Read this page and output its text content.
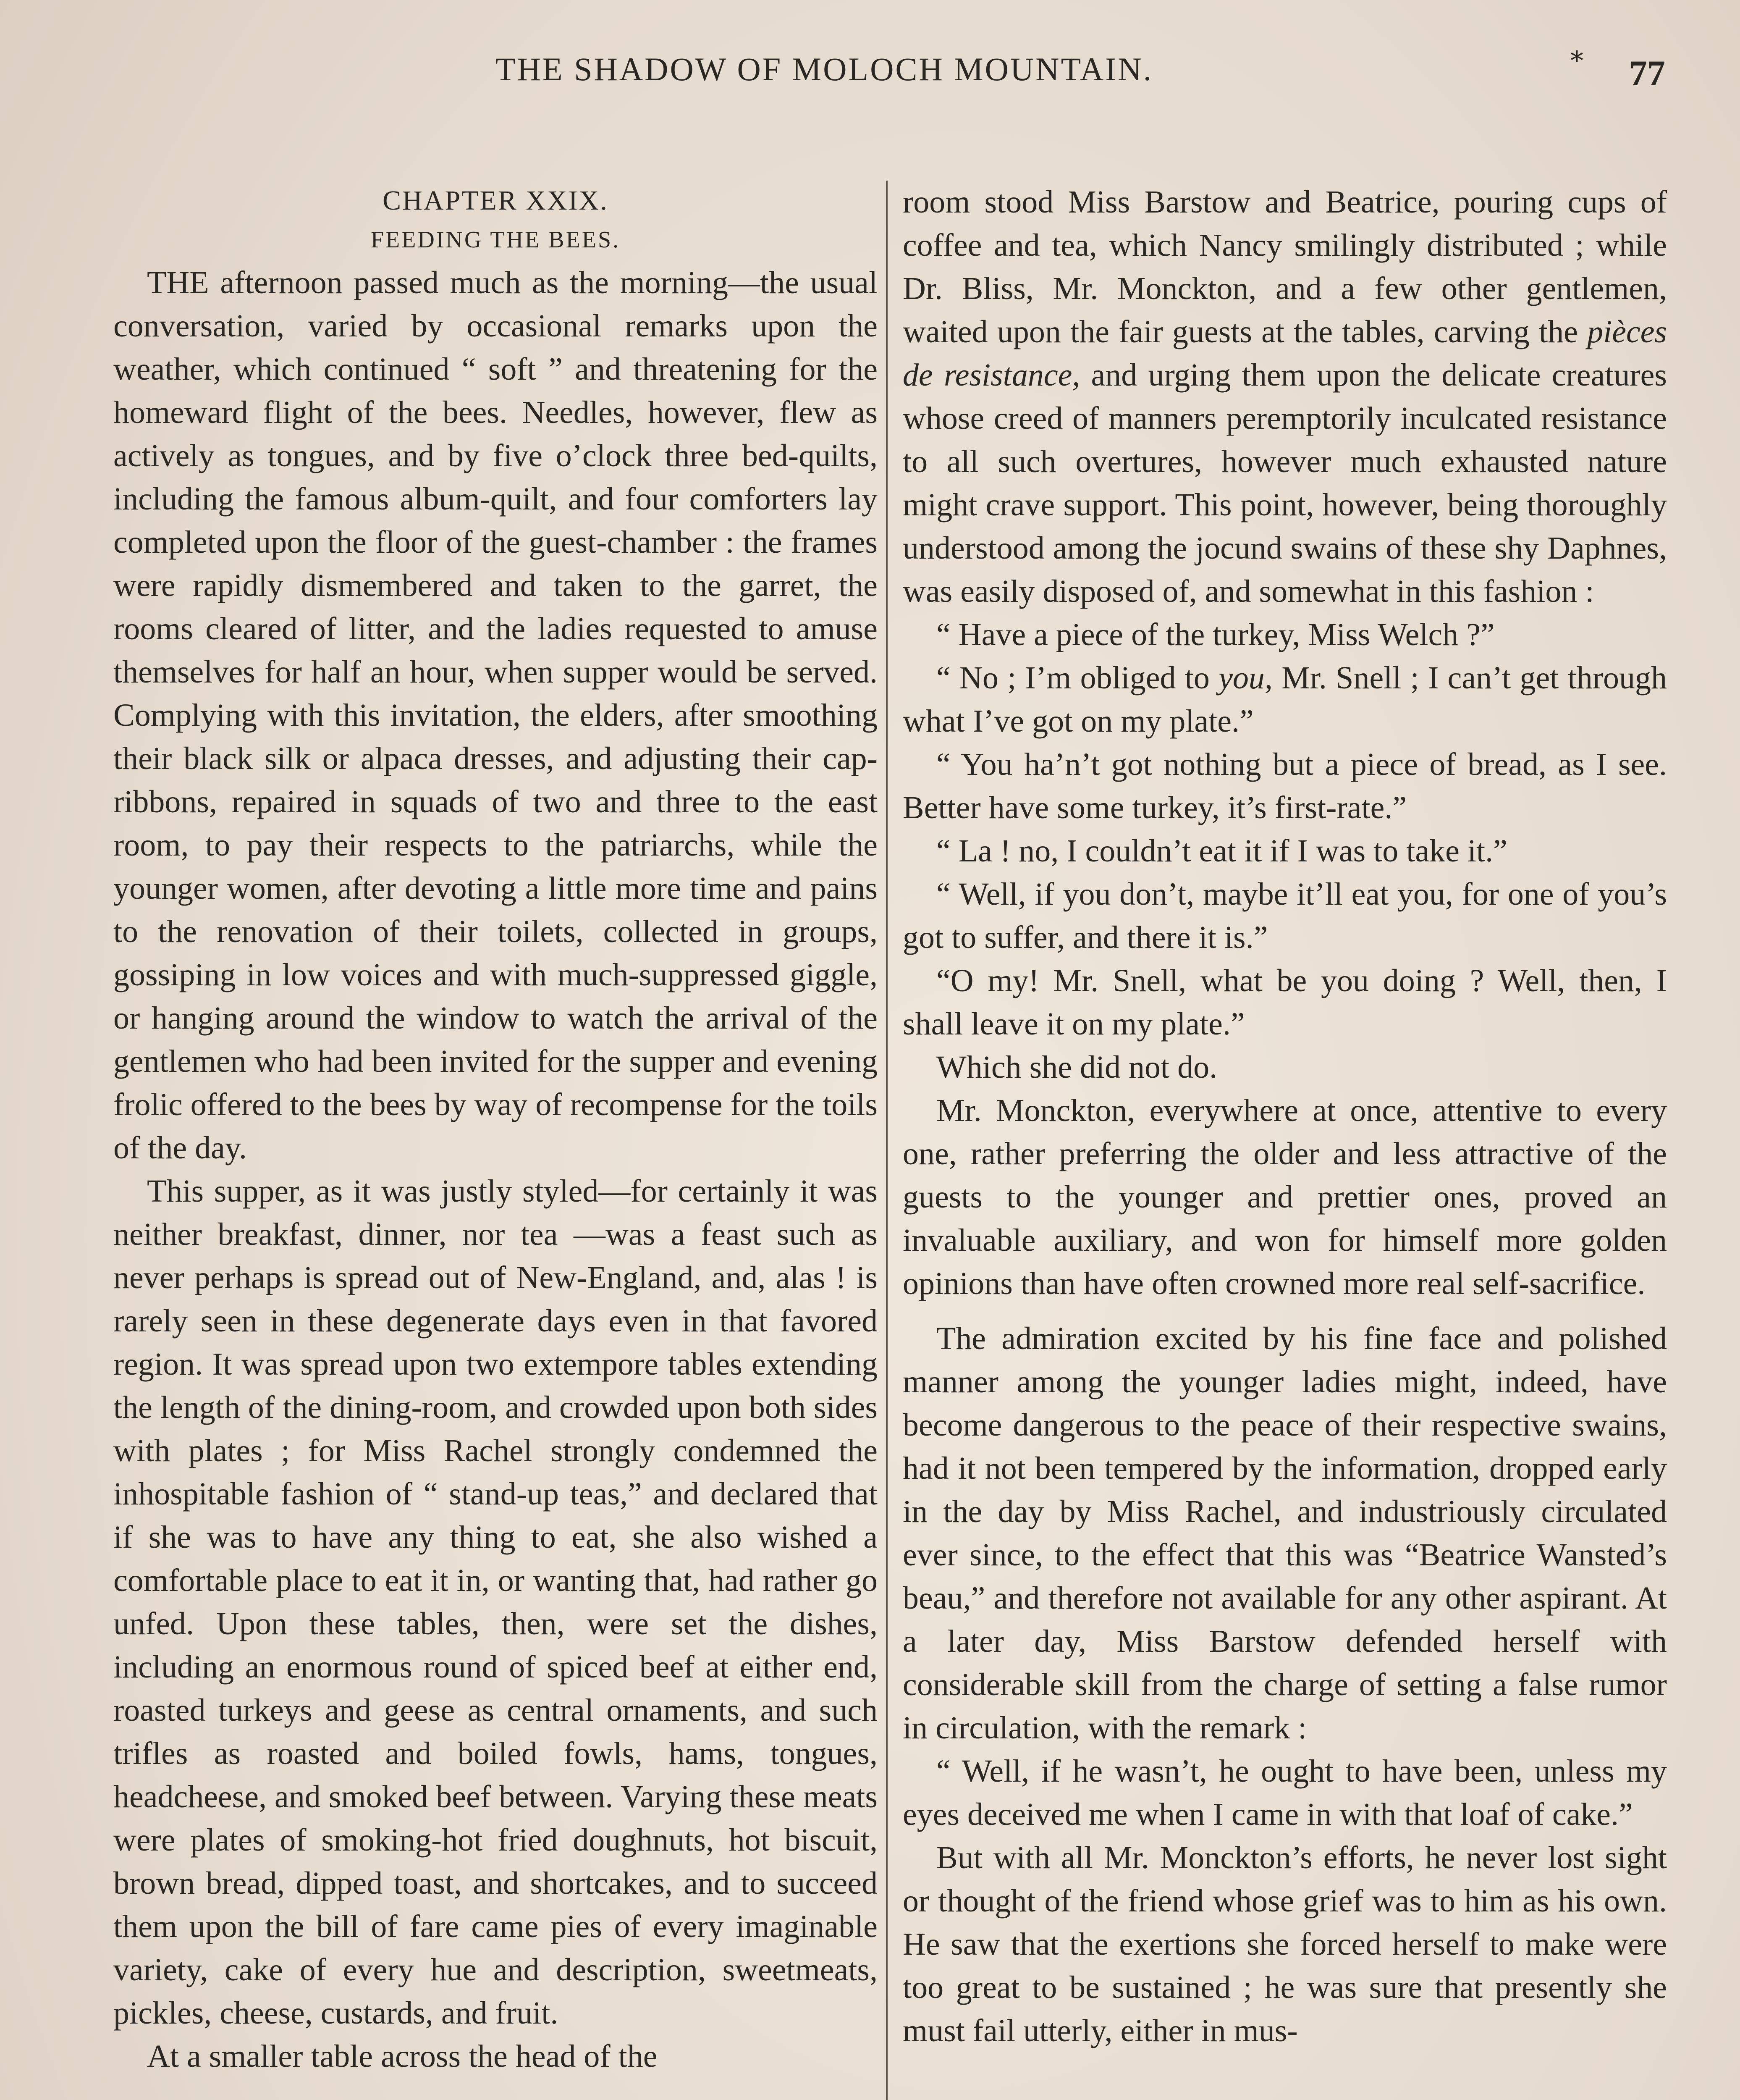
THE SHADOW OF MOLOCH MOUNTAIN.	* 77
CHAPTER XXIX.
FEEDING THE BEES.

THE afternoon passed much as the morning—the usual conversation, varied by occasional remarks upon the weather, which continued “ soft ” and threatening for the homeward flight of the bees. Needles, however, flew as actively as tongues, and by five o’clock three bed-quilts, including the famous album-quilt, and four comforters lay completed upon the floor of the guest-chamber : the frames were rapidly dismembered and taken to the garret, the rooms cleared of litter, and the ladies requested to amuse themselves for half an hour, when supper would be served. Complying with this invitation, the elders, after smoothing their black silk or alpaca dresses, and adjusting their cap-ribbons, repaired in squads of two and three to the east room, to pay their respects to the patriarchs, while the younger women, after devoting a little more time and pains to the renovation of their toilets, collected in groups, gossiping in low voices and with much-suppressed giggle, or hanging around the window to watch the arrival of the gentlemen who had been invited for the supper and evening frolic offered to the bees by way of recompense for the toils of the day.

This supper, as it was justly styled—for certainly it was neither breakfast, dinner, nor tea —was a feast such as never perhaps is spread out of New-England, and, alas ! is rarely seen in these degenerate days even in that favored region. It was spread upon two extempore tables extending the length of the dining-room, and crowded upon both sides with plates ; for Miss Rachel strongly condemned the inhospitable fashion of “ stand-up teas,” and declared that if she was to have any thing to eat, she also wished a comfortable place to eat it in, or wanting that, had rather go unfed. Upon these tables, then, were set the dishes, including an enormous round of spiced beef at either end, roasted turkeys and geese as central ornaments, and such trifles as roasted and boiled fowls, hams, tongues, headcheese, and smoked beef between. Varying these meats were plates of smoking-hot fried doughnuts, hot biscuit, brown bread, dipped toast, and shortcakes, and to succeed them upon the bill of fare came pies of every imaginable variety, cake of every hue and description, sweetmeats, pickles, cheese, custards, and fruit.

At a smaller table across the head of the

room stood Miss Barstow and Beatrice, pouring cups of coffee and tea, which Nancy smilingly distributed ; while Dr. Bliss, Mr. Monckton, and a few other gentlemen, waited upon the fair guests at the tables, carving the pièces de resistance, and urging them upon the delicate creatures whose creed of manners peremptorily inculcated resistance to all such overtures, however much exhausted nature might crave support. This point, however, being thoroughly understood among the jocund swains of these shy Daphnes, was easily disposed of, and somewhat in this fashion :

“ Have a piece of the turkey, Miss Welch ?”

“ No ; I’m obliged to you, Mr. Snell ; I can’t get through what I’ve got on my plate.”

“ You ha’n’t got nothing but a piece of bread, as I see. Better have some turkey, it’s first-rate.”

“ La ! no, I couldn’t eat it if I was to take it.”

“ Well, if you don’t, maybe it’ll eat you, for one of you’s got to suffer, and there it is.”

“O my! Mr. Snell, what be you doing ? Well, then, I shall leave it on my plate.”

Which she did not do.

Mr. Monckton, everywhere at once, attentive to every one, rather preferring the older and less attractive of the guests to the younger and prettier ones, proved an invaluable auxiliary, and won for himself more golden opinions than have often crowned more real self-sacrifice.

The admiration excited by his fine face and polished manner among the younger ladies might, indeed, have become dangerous to the peace of their respective swains, had it not been tempered by the information, dropped early in the day by Miss Rachel, and industriously circulated ever since, to the effect that this was “Beatrice Wansted’s beau,” and therefore not available for any other aspirant. At a later day, Miss Barstow defended herself with considerable skill from the charge of setting a false rumor in circulation, with the remark :

“ Well, if he wasn’t, he ought to have been, unless my eyes deceived me when I came in with that loaf of cake.”

But with all Mr. Monckton’s efforts, he never lost sight or thought of the friend whose grief was to him as his own. He saw that the exertions she forced herself to make were too great to be sustained ; he was sure that presently she must fail utterly, either in mus-
